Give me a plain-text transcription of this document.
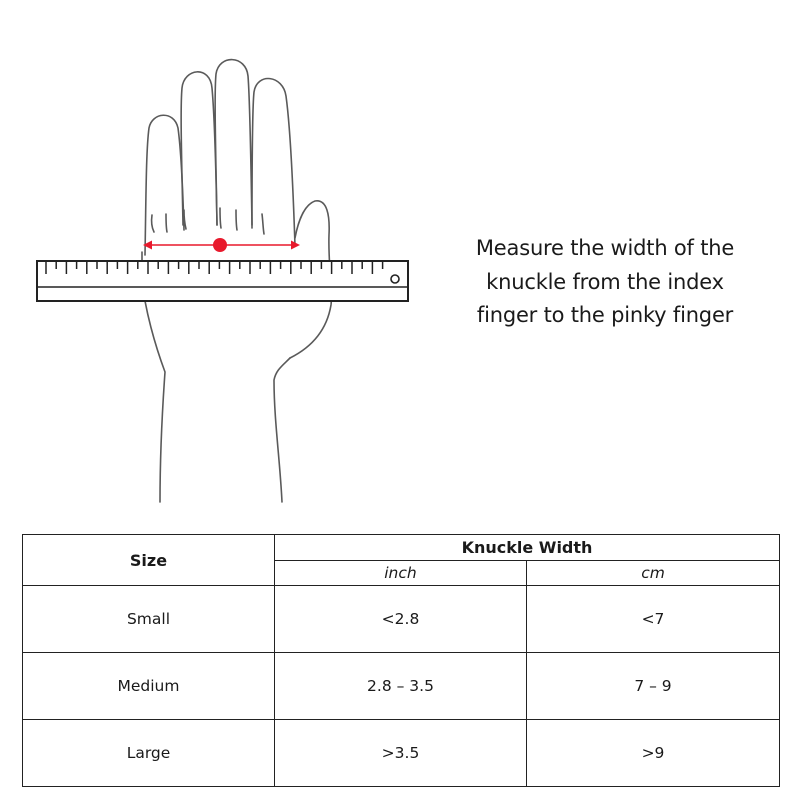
Measure the width of the
knuckle from the index
finger to the pinky finger
Size	Knuckle Width	
	inch	cm
Small	<2.8	<7
Medium	2.8 – 3.5	7 – 9
Large	>3.5	>9
